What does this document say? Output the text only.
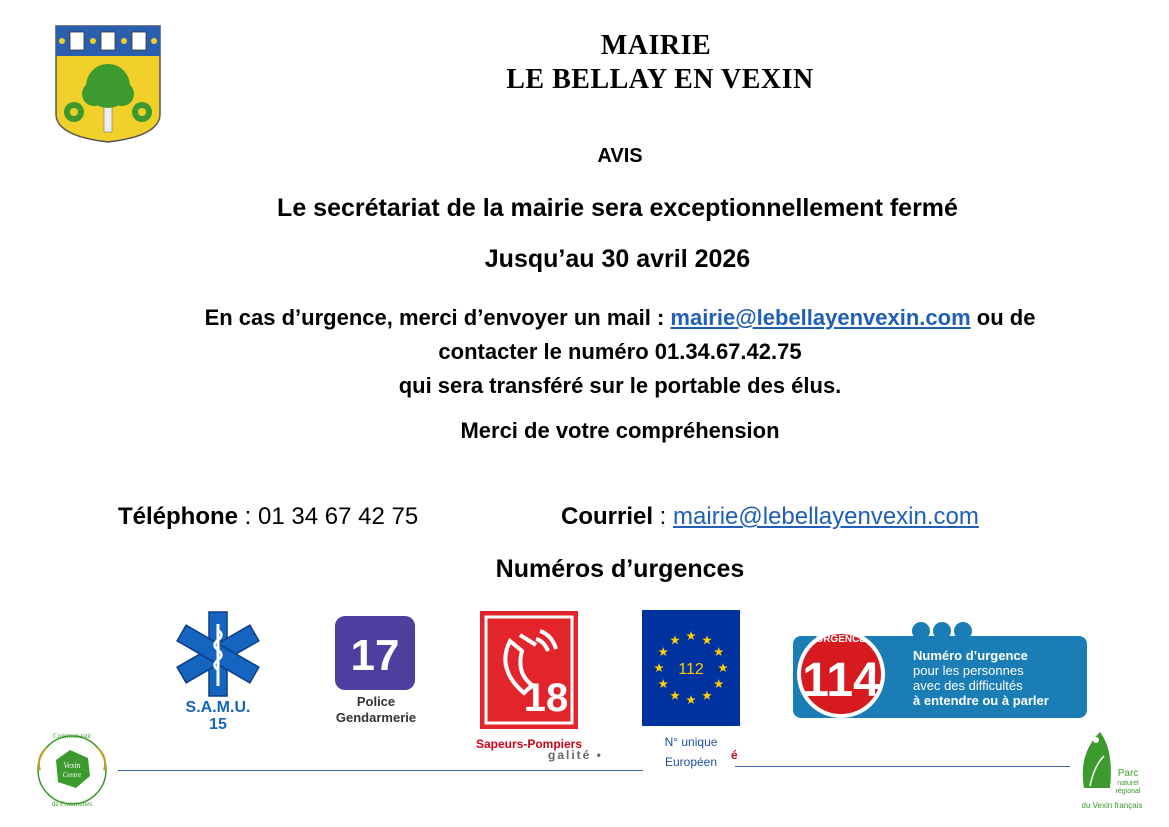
MAIRIE
LE BELLAY EN VEXIN
AVIS
Le secrétariat de la mairie sera exceptionnellement fermé
Jusqu’au 30 avril 2026
En cas d’urgence, merci d’envoyer un mail : mairie@lebellayenvexin.com ou de
contacter le numéro 01.34.67.42.75
qui sera transféré sur le portable des élus.
Merci de votre compréhension
Téléphone : 01 34 67 42 75	Courriel : mairie@lebellayenvexin.com
Numéros d’urgences
S.A.M.U.
15
17
Police
Gendarmerie	18
Sapeurs-Pompiers
112
N° unique
Européen
URGENCE
114	Numéro d’urgence
pour les personnes
avec des difficultés
à entendre ou à parler
galité •	é
Communauté
Vexin
Centre
de Communes
Parc
naturel
régional
du Vexin français
